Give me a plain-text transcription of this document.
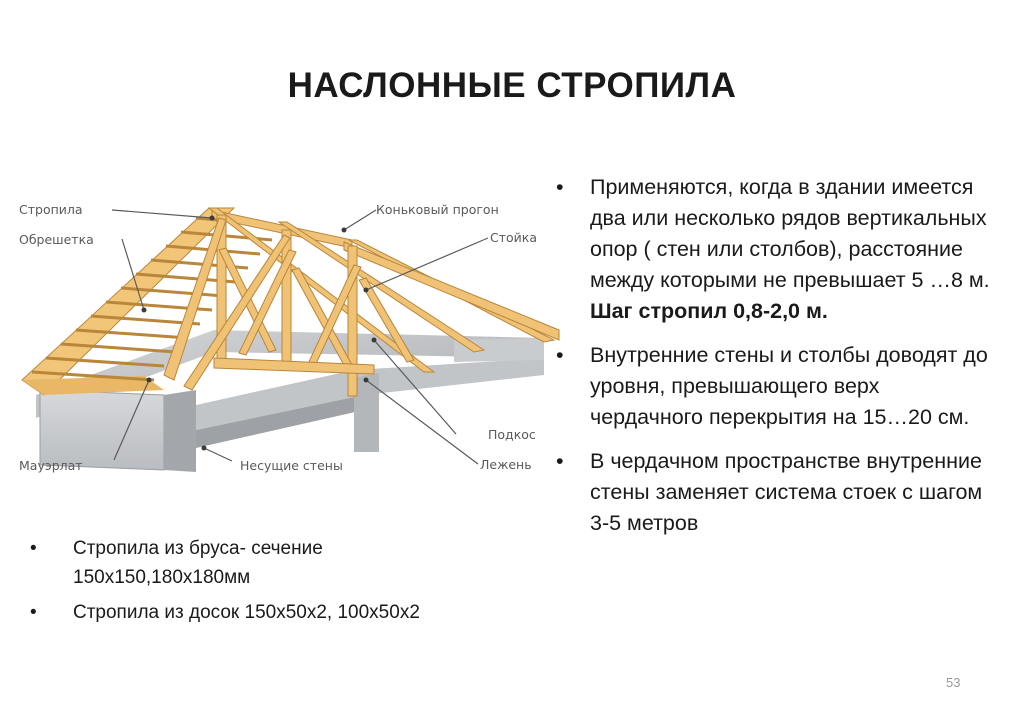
НАСЛОННЫЕ СТРОПИЛА
Стропила
Обрешетка
Мауэрлат	Несущие стены
Коньковый прогон
Стойка
Подкос
Лежень
• Применяются, когда в здании имеется два или несколько рядов вертикальных опор ( стен или столбов), расстояние между которыми не превышает 5 …8 м.
Шаг стропил 0,8-2,0 м.
• Внутренние стены и столбы доводят до уровня, превышающего верх чердачного перекрытия на 15…20 см.
• В чердачном пространстве внутренние стены заменяет система стоек с шагом 3-5 метров
• Стропила из бруса- сечение 150х150,180х180мм
• Стропила из досок 150х50х2, 100х50х2
53
